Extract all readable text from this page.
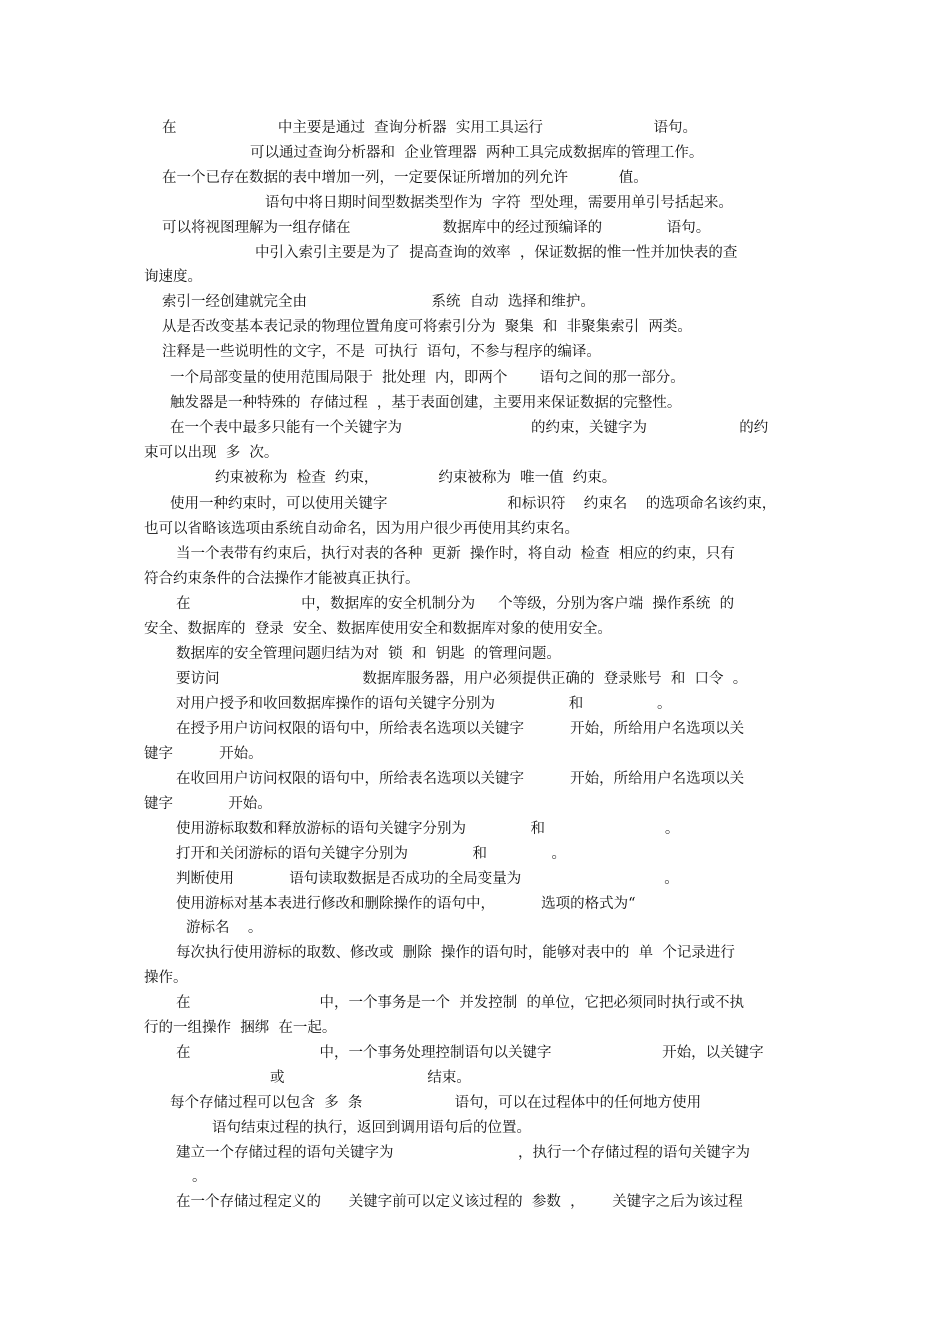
在                      中主要是通过  查询分析器  实用工具运行                        语句。
可以通过查询分析器和  企业管理器  两种工具完成数据库的管理工作。
在一个已存在数据的表中增加一列，一定要保证所增加的列允许           值。
语句中将日期时间型数据类型作为  字符  型处理，需要用单引号括起来。
可以将视图理解为一组存储在                    数据库中的经过预编译的              语句。
中引入索引主要是为了  提高查询的效率  ，保证数据的惟一性并加快表的查
询速度。
索引一经创建就完全由                           系统  自动  选择和维护。
从是否改变基本表记录的物理位置角度可将索引分为  聚集  和  非聚集索引  两类。
注释是一些说明性的文字，不是  可执行  语句，不参与程序的编译。
一个局部变量的使用范围局限于  批处理  内，即两个       语句之间的那一部分。
触发器是一种特殊的  存储过程  ，基于表面创建，主要用来保证数据的完整性。
在一个表中最多只能有一个关键字为                            的约束，关键字为                    的约
束可以出现  多  次。
约束被称为  检查  约束，             约束被称为  唯一值  约束。
使用一种约束时，可以使用关键字                          和标识符    约束名    的选项命名该约束，
也可以省略该选项由系统自动命名，因为用户很少再使用其约束名。
当一个表带有约束后，执行对表的各种  更新  操作时，将自动  检查  相应的约束，只有
符合约束条件的合法操作才能被真正执行。
在                        中，数据库的安全机制分为     个等级，分别为客户端  操作系统  的
安全、数据库的  登录  安全、数据库使用安全和数据库对象的使用安全。
数据库的安全管理问题归结为对  锁  和  钥匙  的管理问题。
要访问                               数据库服务器，用户必须提供正确的  登录账号  和  口令  。
对用户授予和收回数据库操作的语句关键字分别为                和                。
在授予用户访问权限的语句中，所给表名选项以关键字          开始，所给用户名选项以关
键字          开始。
在收回用户访问权限的语句中，所给表名选项以关键字          开始，所给用户名选项以关
键字            开始。
使用游标取数和释放游标的语句关键字分别为              和                          。
打开和关闭游标的语句关键字分别为              和              。
判断使用            语句读取数据是否成功的全局变量为                               。
使用游标对基本表进行修改和删除操作的语句中，          选项的格式为“
游标名    。
每次执行使用游标的取数、修改或  删除  操作的语句时，能够对表中的  单  个记录进行
操作。
在                            中，一个事务是一个  并发控制  的单位，它把必须同时执行或不执
行的一组操作  捆绑  在一起。
在                            中，一个事务处理控制语句以关键字                        开始，以关键字
或                               结束。
每个存储过程可以包含  多  条                    语句，可以在过程体中的任何地方使用
语句结束过程的执行，返回到调用语句后的位置。
建立一个存储过程的语句关键字为                           ，执行一个存储过程的语句关键字为
。
在一个存储过程定义的      关键字前可以定义该过程的  参数  ，      关键字之后为该过程
